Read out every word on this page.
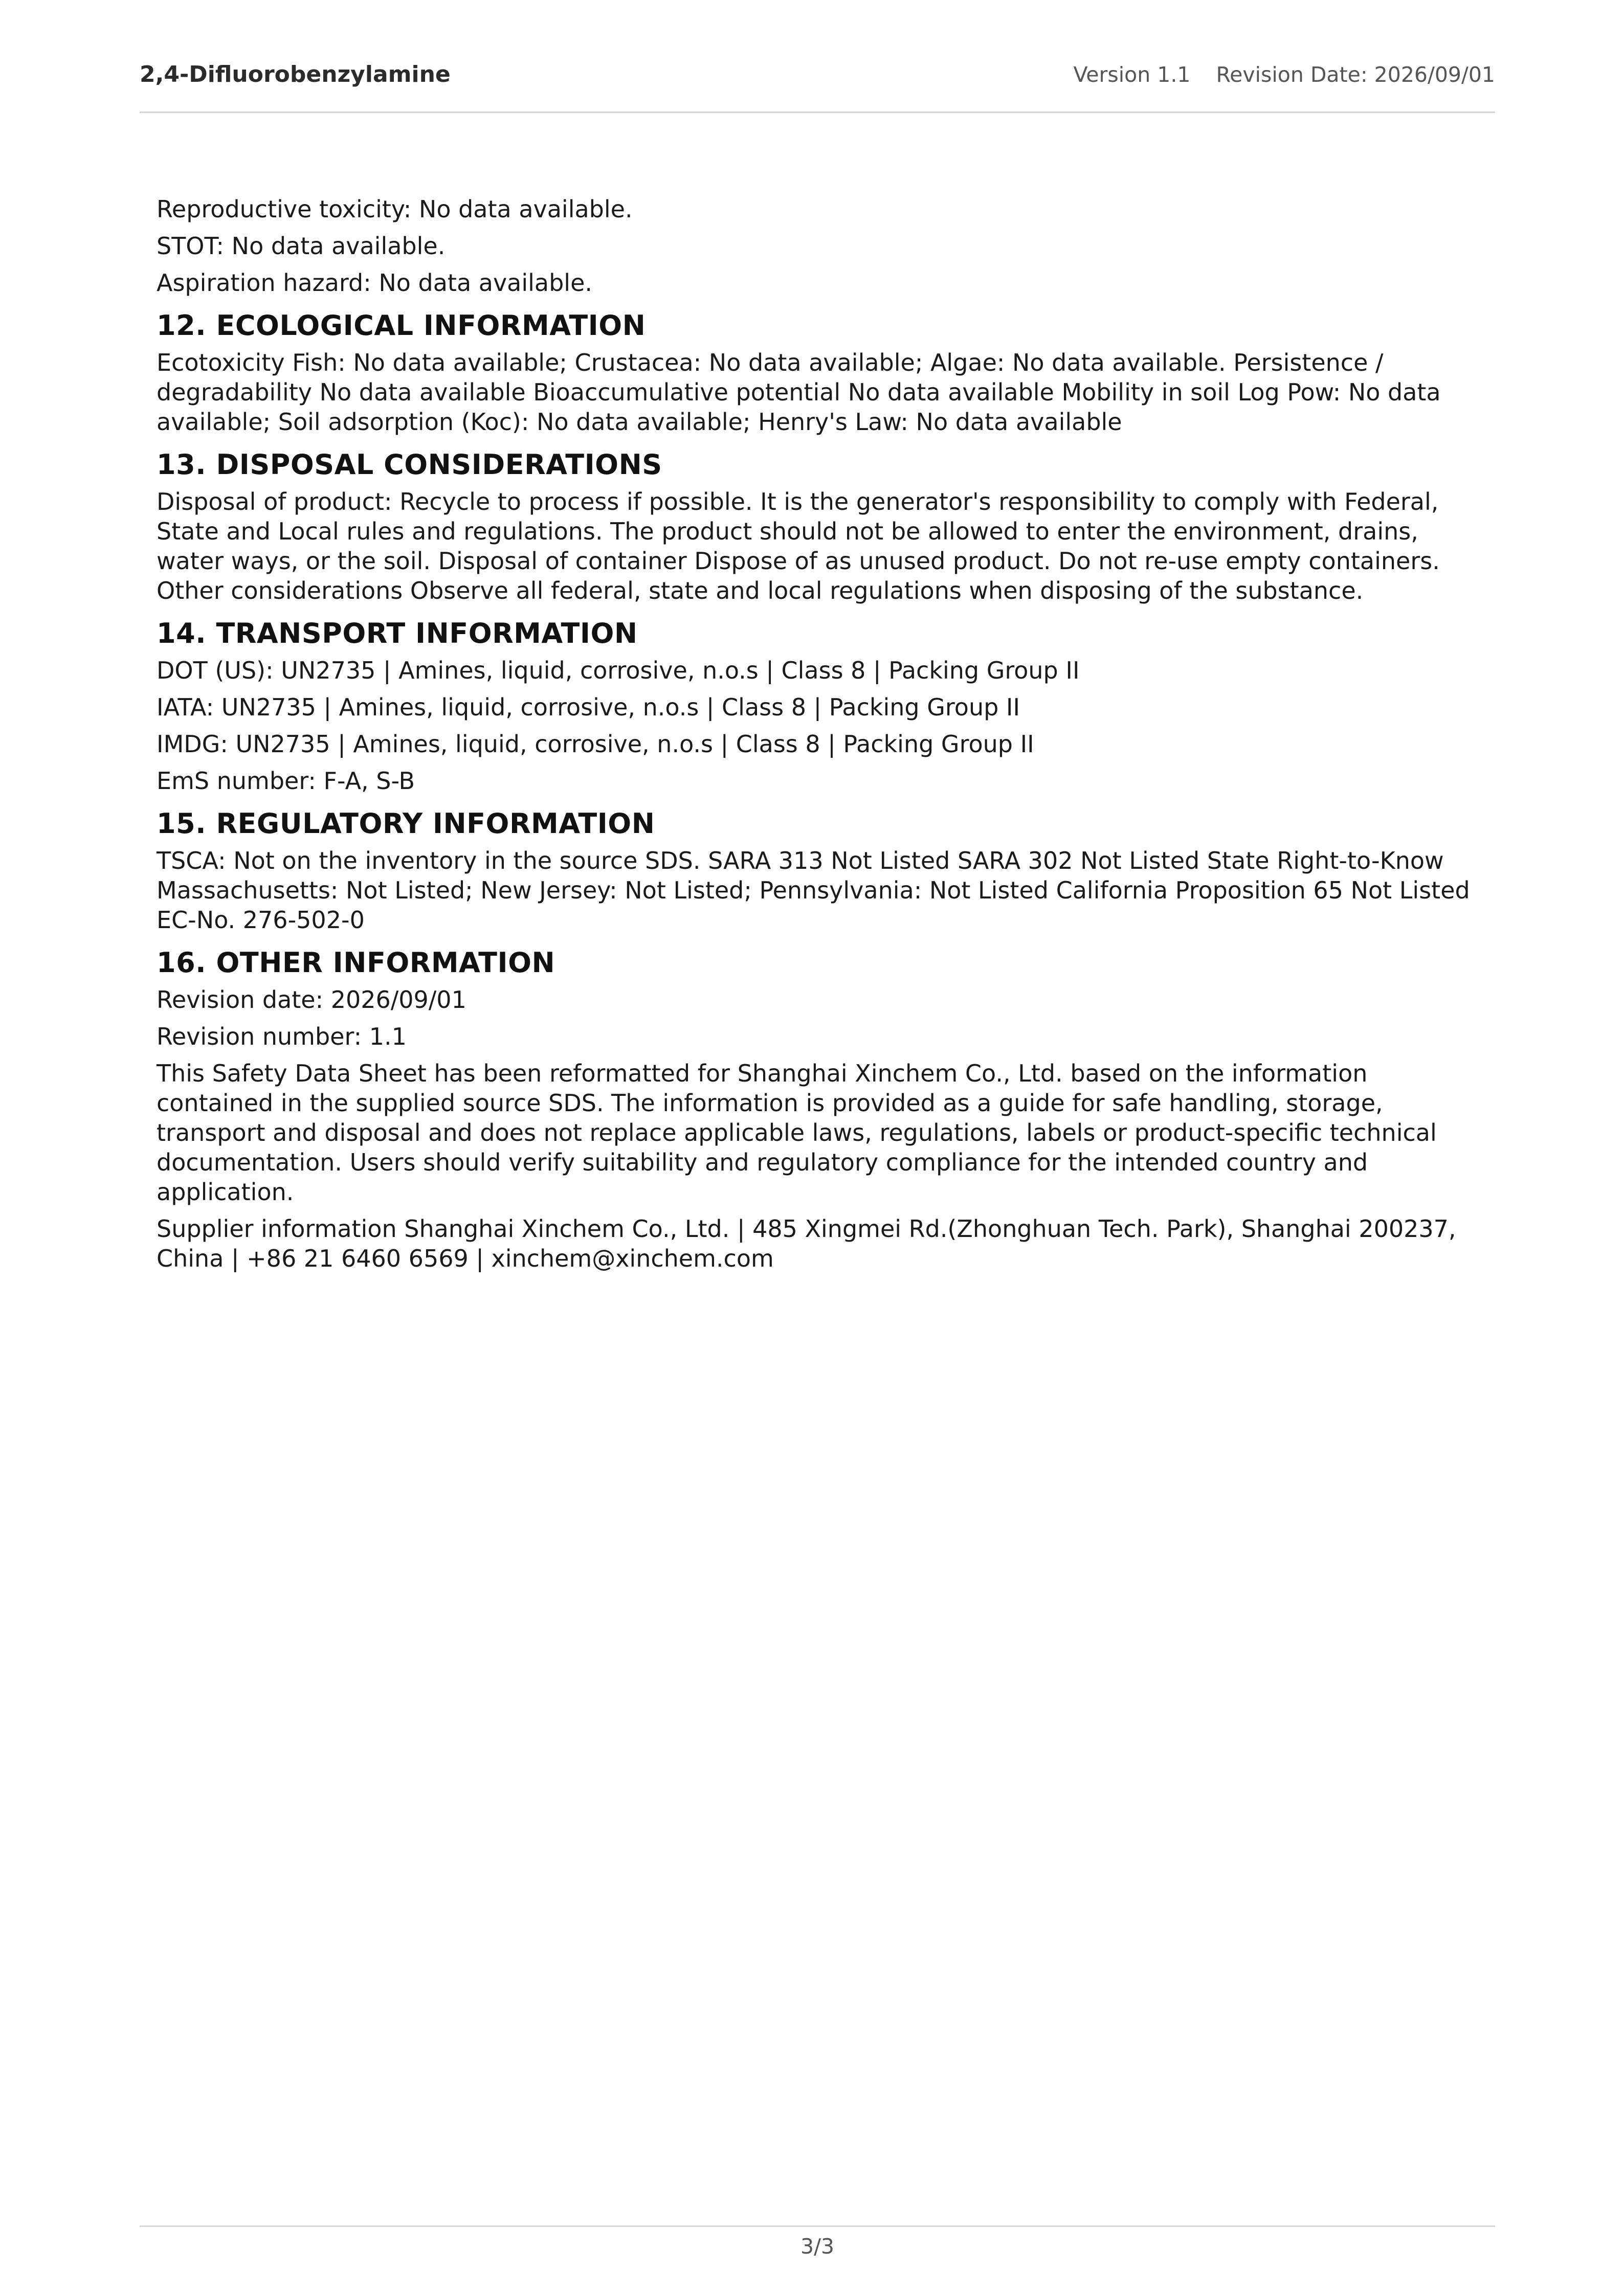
2,4-Difluorobenzylamine	Version 1.1 Revision Date: 2026/09/01

Reproductive toxicity: No data available.

STOT: No data available.

Aspiration hazard: No data available.

12. ECOLOGICAL INFORMATION

Ecotoxicity Fish: No data available; Crustacea: No data available; Algae: No data available. Persistence / degradability No data available Bioaccumulative potential No data available Mobility in soil Log Pow: No data available; Soil adsorption (Koc): No data available; Henry's Law: No data available

13. DISPOSAL CONSIDERATIONS

Disposal of product: Recycle to process if possible. It is the generator's responsibility to comply with Federal, State and Local rules and regulations. The product should not be allowed to enter the environment, drains, water ways, or the soil. Disposal of container Dispose of as unused product. Do not re-use empty containers. Other considerations Observe all federal, state and local regulations when disposing of the substance.

14. TRANSPORT INFORMATION

DOT (US): UN2735 | Amines, liquid, corrosive, n.o.s | Class 8 | Packing Group II

IATA: UN2735 | Amines, liquid, corrosive, n.o.s | Class 8 | Packing Group II

IMDG: UN2735 | Amines, liquid, corrosive, n.o.s | Class 8 | Packing Group II

EmS number: F-A, S-B

15. REGULATORY INFORMATION

TSCA: Not on the inventory in the source SDS. SARA 313 Not Listed SARA 302 Not Listed State Right-to-Know Massachusetts: Not Listed; New Jersey: Not Listed; Pennsylvania: Not Listed California Proposition 65 Not Listed EC-No. 276-502-0

16. OTHER INFORMATION

Revision date: 2026/09/01

Revision number: 1.1

This Safety Data Sheet has been reformatted for Shanghai Xinchem Co., Ltd. based on the information contained in the supplied source SDS. The information is provided as a guide for safe handling, storage, transport and disposal and does not replace applicable laws, regulations, labels or product-specific technical documentation. Users should verify suitability and regulatory compliance for the intended country and application.

Supplier information Shanghai Xinchem Co., Ltd. | 485 Xingmei Rd.(Zhonghuan Tech. Park), Shanghai 200237, China | +86 21 6460 6569 | xinchem@xinchem.com

3/3
